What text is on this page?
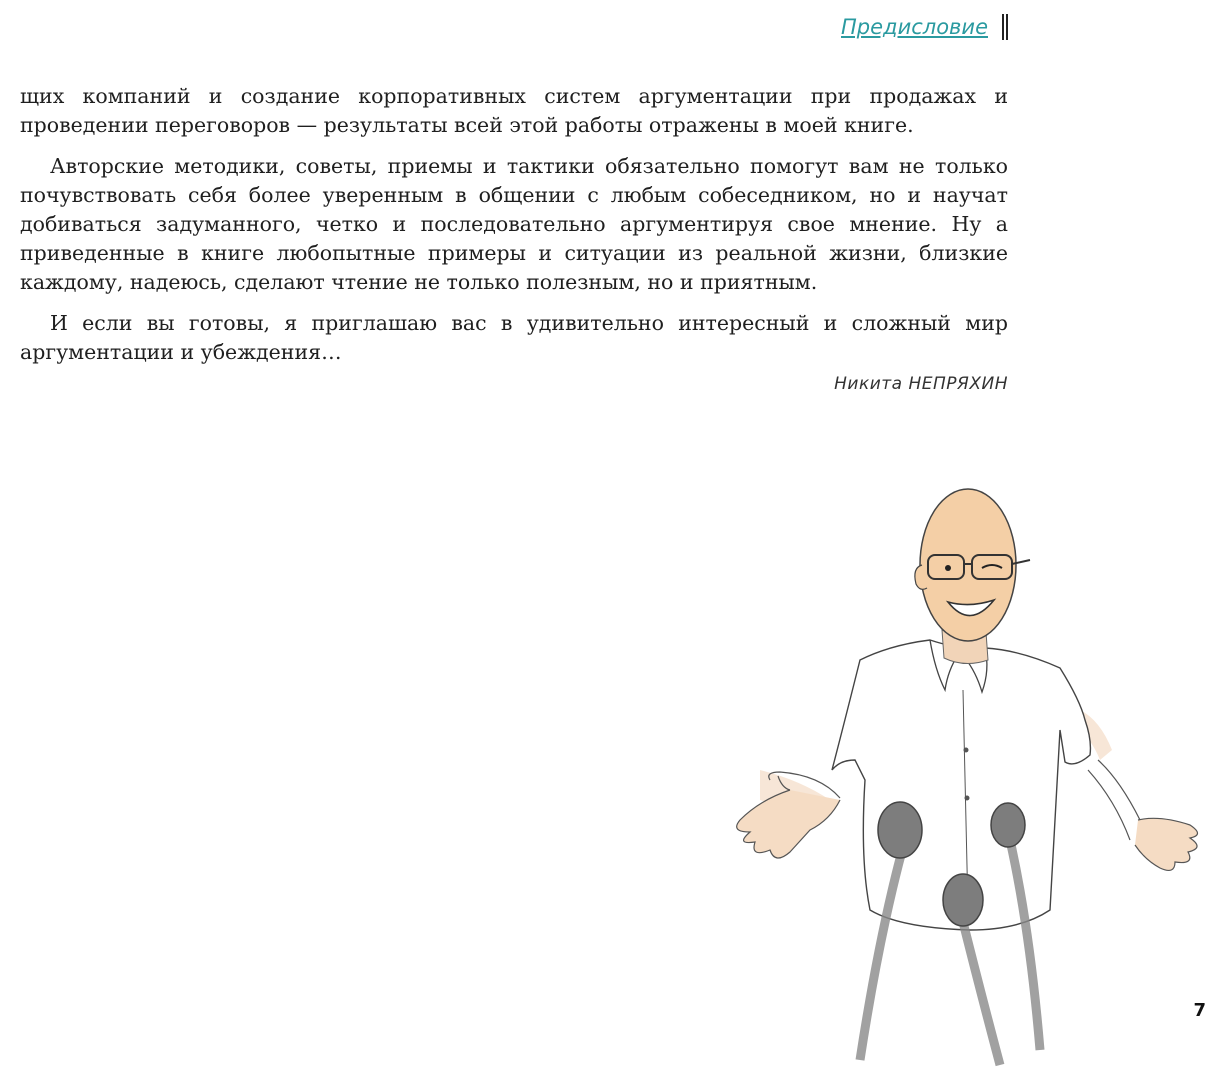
Предисловие

щих компаний и создание корпоративных систем аргументации при продажах и проведении переговоров — результаты всей этой работы отражены в моей книге.

Авторские методики, советы, приемы и тактики обязательно помогут вам не только почувствовать себя более уверенным в общении с любым собеседником, но и научат добиваться задуманного, четко и последовательно аргументируя свое мнение. Ну а приведенные в книге любопытные примеры и ситуации из реальной жизни, близкие каждому, надеюсь, сделают чтение не только полезным, но и приятным.

И если вы готовы, я приглашаю вас в удивительно интересный и сложный мир аргументации и убеждения…

Никита НЕПРЯХИН
7
